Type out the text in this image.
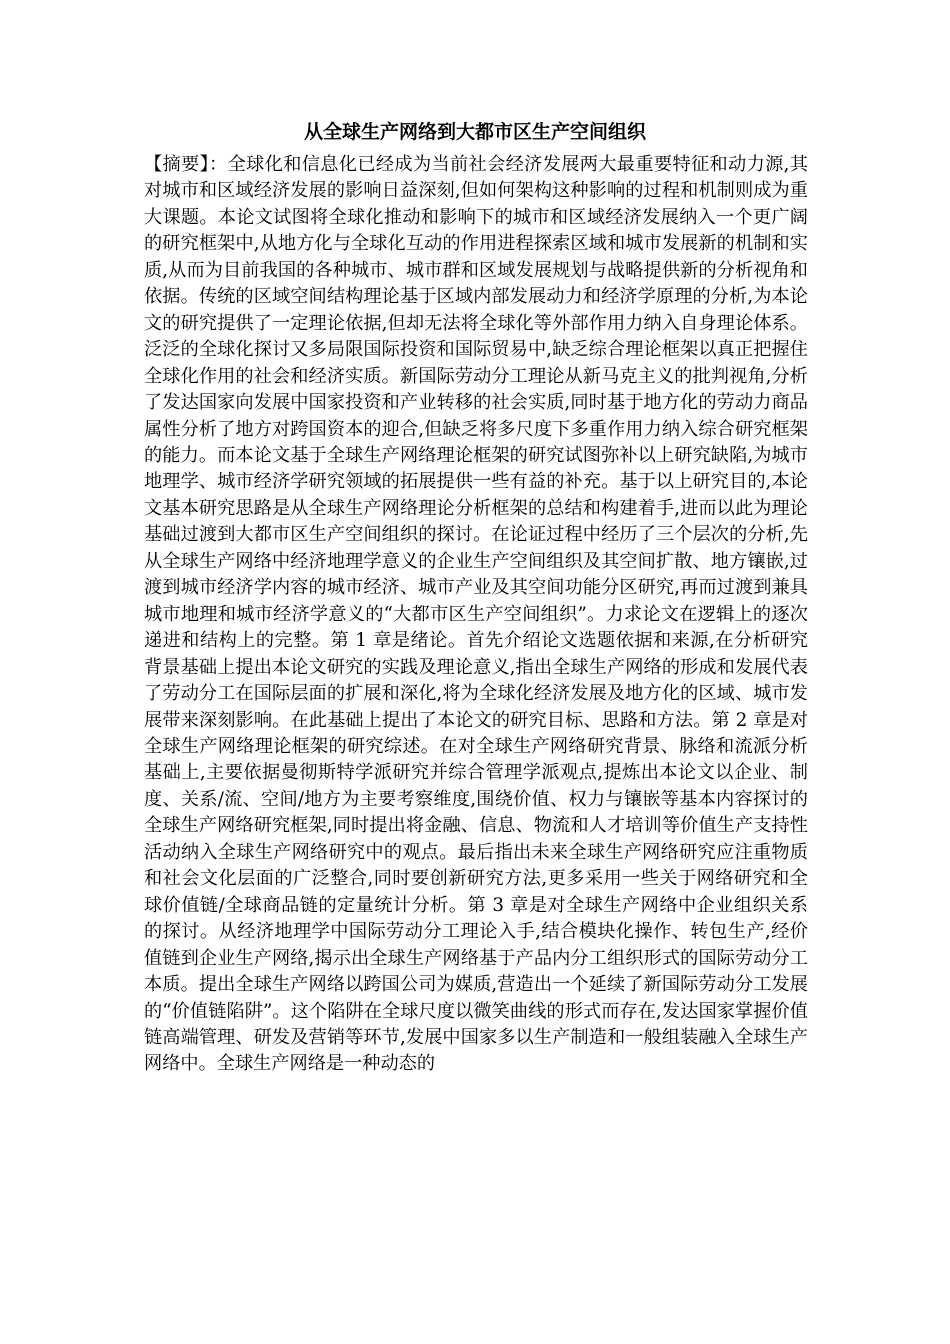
从全球生产网络到大都市区生产空间组织

【摘要】：全球化和信息化已经成为当前社会经济发展两大最重要特征和动力源,其对城市和区域经济发展的影响日益深刻,但如何架构这种影响的过程和机制则成为重大课题。本论文试图将全球化推动和影响下的城市和区域经济发展纳入一个更广阔的研究框架中,从地方化与全球化互动的作用进程探索区域和城市发展新的机制和实质,从而为目前我国的各种城市、城市群和区域发展规划与战略提供新的分析视角和依据。传统的区域空间结构理论基于区域内部发展动力和经济学原理的分析,为本论文的研究提供了一定理论依据,但却无法将全球化等外部作用力纳入自身理论体系。泛泛的全球化探讨又多局限国际投资和国际贸易中,缺乏综合理论框架以真正把握住全球化作用的社会和经济实质。新国际劳动分工理论从新马克主义的批判视角,分析了发达国家向发展中国家投资和产业转移的社会实质,同时基于地方化的劳动力商品属性分析了地方对跨国资本的迎合,但缺乏将多尺度下多重作用力纳入综合研究框架的能力。而本论文基于全球生产网络理论框架的研究试图弥补以上研究缺陷,为城市地理学、城市经济学研究领域的拓展提供一些有益的补充。基于以上研究目的,本论文基本研究思路是从全球生产网络理论分析框架的总结和构建着手,进而以此为理论基础过渡到大都市区生产空间组织的探讨。在论证过程中经历了三个层次的分析,先从全球生产网络中经济地理学意义的企业生产空间组织及其空间扩散、地方镶嵌,过渡到城市经济学内容的城市经济、城市产业及其空间功能分区研究,再而过渡到兼具城市地理和城市经济学意义的“大都市区生产空间组织”。力求论文在逻辑上的逐次递进和结构上的完整。第 1 章是绪论。首先介绍论文选题依据和来源,在分析研究背景基础上提出本论文研究的实践及理论意义,指出全球生产网络的形成和发展代表了劳动分工在国际层面的扩展和深化,将为全球化经济发展及地方化的区域、城市发展带来深刻影响。在此基础上提出了本论文的研究目标、思路和方法。第 2 章是对全球生产网络理论框架的研究综述。在对全球生产网络研究背景、脉络和流派分析基础上,主要依据曼彻斯特学派研究并综合管理学派观点,提炼出本论文以企业、制度、关系/流、空间/地方为主要考察维度,围绕价值、权力与镶嵌等基本内容探讨的全球生产网络研究框架,同时提出将金融、信息、物流和人才培训等价值生产支持性活动纳入全球生产网络研究中的观点。最后指出未来全球生产网络研究应注重物质和社会文化层面的广泛整合,同时要创新研究方法,更多采用一些关于网络研究和全球价值链/全球商品链的定量统计分析。第 3 章是对全球生产网络中企业组织关系的探讨。从经济地理学中国际劳动分工理论入手,结合模块化操作、转包生产,经价值链到企业生产网络,揭示出全球生产网络基于产品内分工组织形式的国际劳动分工本质。提出全球生产网络以跨国公司为媒质,营造出一个延续了新国际劳动分工发展的“价值链陷阱”。这个陷阱在全球尺度以微笑曲线的形式而存在,发达国家掌握价值链高端管理、研发及营销等环节,发展中国家多以生产制造和一般组装融入全球生产网络中。全球生产网络是一种动态的
